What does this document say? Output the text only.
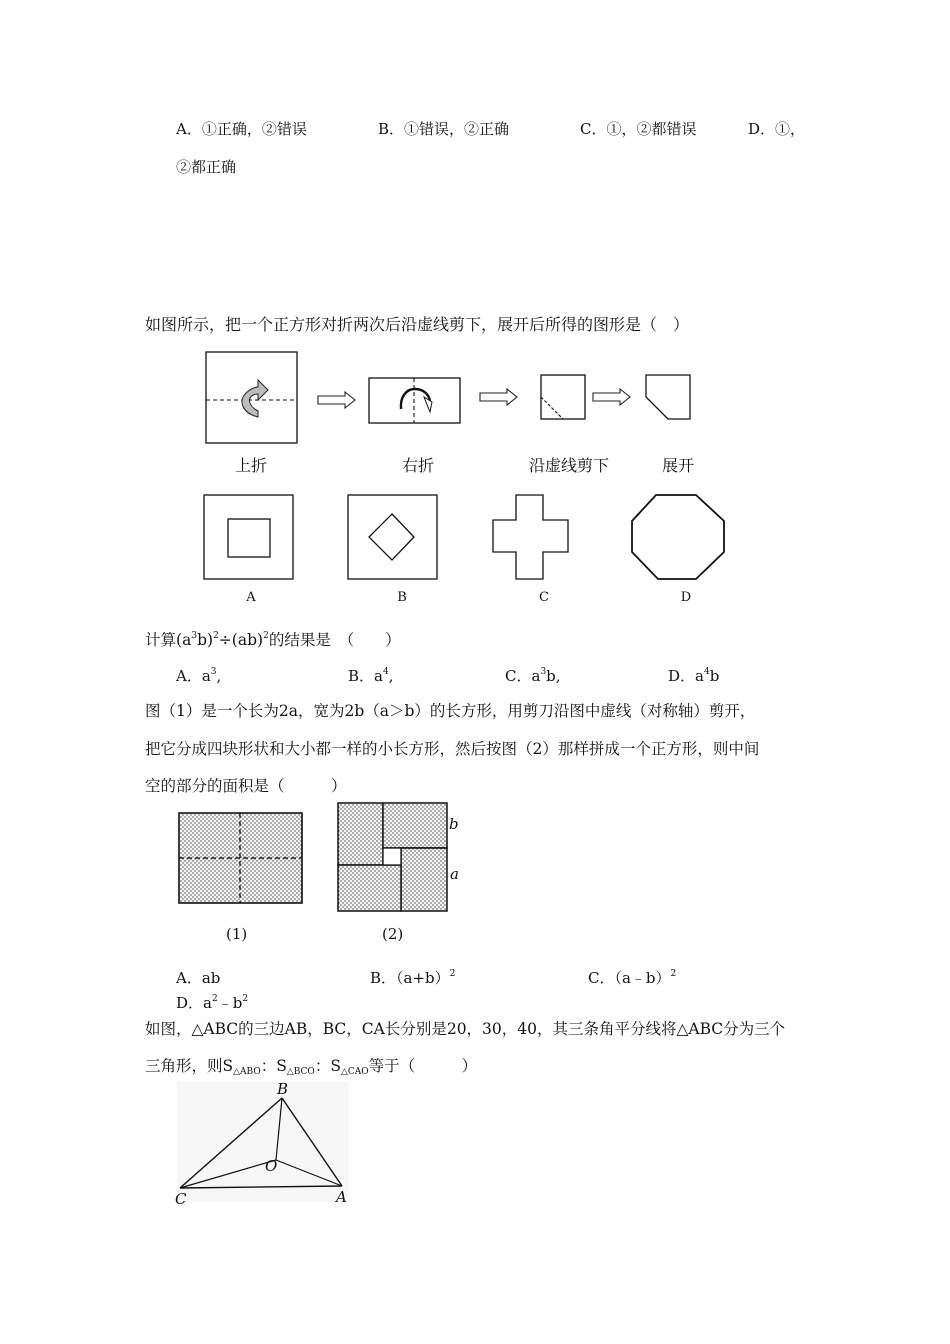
A．①正确，②错误	B．①错误，②正确	C．①，②都错误	D．①，
②都正确
如图所示，把一个正方形对折两次后沿虚线剪下，展开后所得的图形是（　）
上折	右折	沿虚线剪下	展开
A	B	C	D
计算$(a^3b)^2\div(ab)^2$的结果是　（　　）
A．$a^3$,	B．$a^4$,	C．$a^3b$,	D．$a^4b$
图（1）是一个长为2a，宽为2b（a＞b）的长方形，用剪刀沿图中虚线（对称轴）剪开，
把它分成四块形状和大小都一样的小长方形，然后按图（2）那样拼成一个正方形，则中间
空的部分的面积是（　　　）
b
a
(1)	(2)
A．ab	B．$(a+b)^2$	C．（a﹣b）$^2$
D．$a^2﹣b^2$
如图，△ABC的三边AB，BC，CA长分别是20，30，40，其三条角平分线将△ABC分为三个
三角形，则$S_{\triangle ABO}$：$S_{\triangle BCO}$：$S_{\triangle CAO}$等于（　　　）
B
O
C	A
